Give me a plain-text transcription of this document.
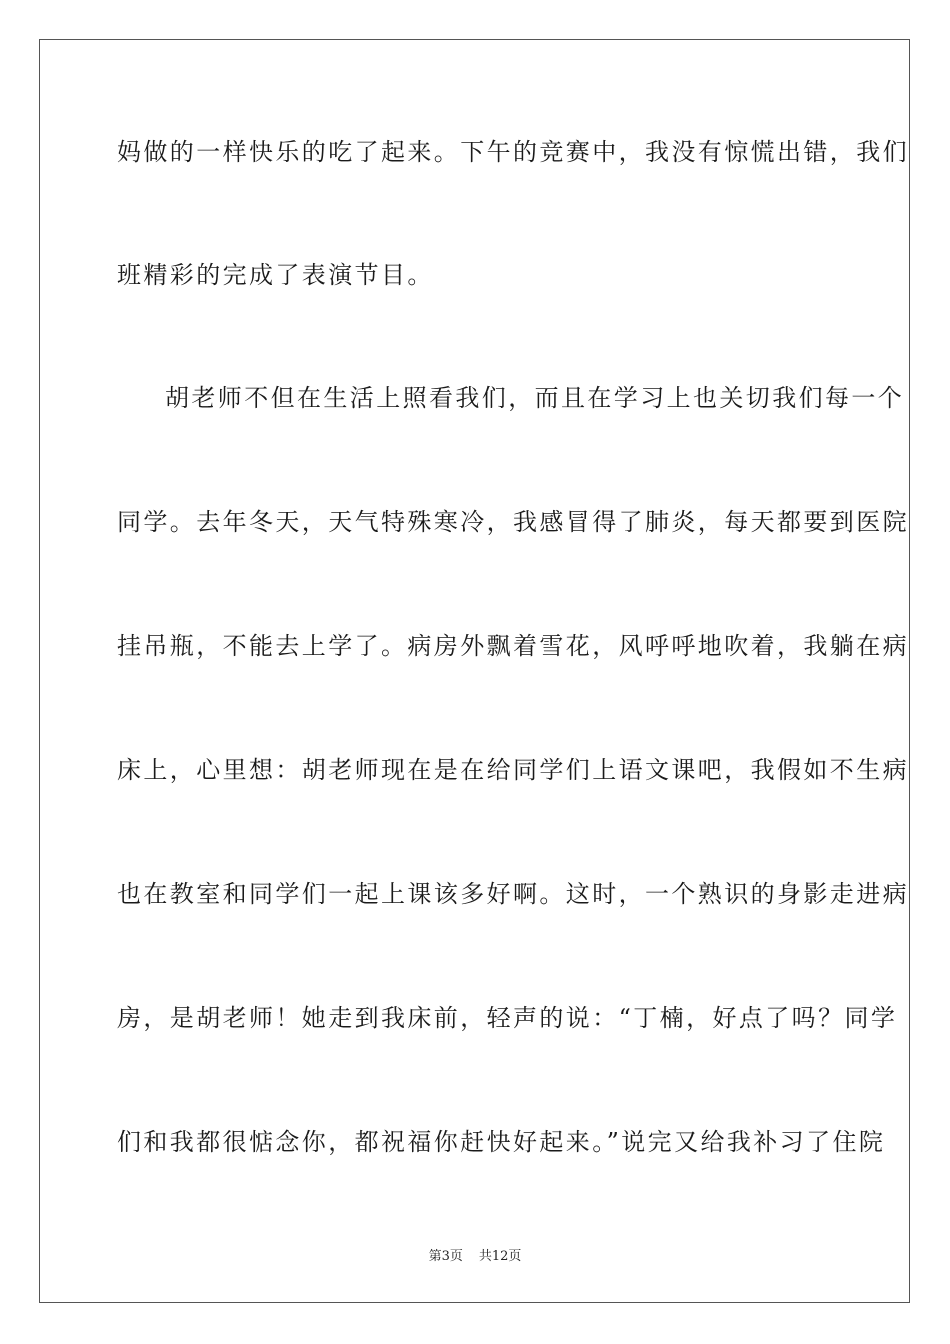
妈做的一样快乐的吃了起来。下午的竞赛中，我没有惊慌出错，我们
班精彩的完成了表演节目。
胡老师不但在生活上照看我们，而且在学习上也关切我们每一个
同学。去年冬天，天气特殊寒冷，我感冒得了肺炎，每天都要到医院
挂吊瓶，不能去上学了。病房外飘着雪花，风呼呼地吹着，我躺在病
床上，心里想：胡老师现在是在给同学们上语文课吧，我假如不生病
也在教室和同学们一起上课该多好啊。这时，一个熟识的身影走进病
房，是胡老师！她走到我床前，轻声的说：“丁楠，好点了吗？同学
们和我都很惦念你，都祝福你赶快好起来。”说完又给我补习了住院
第3页 共12页
